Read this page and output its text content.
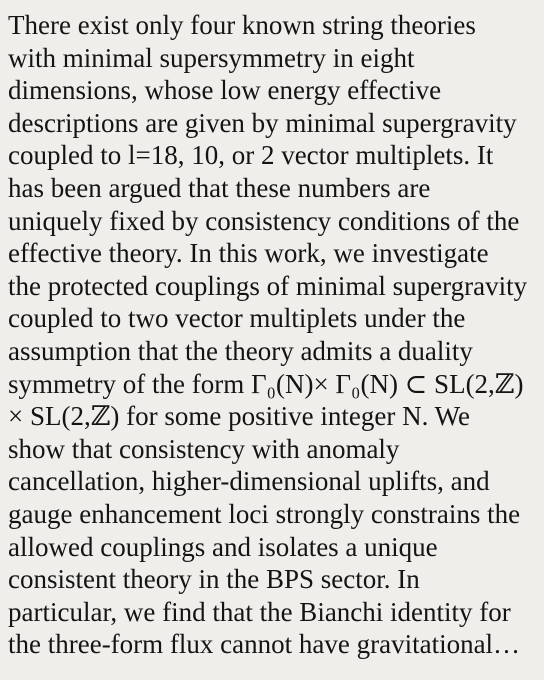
There exist only four known string theories
with minimal supersymmetry in eight
dimensions, whose low energy effective
descriptions are given by minimal supergravity
coupled to l=18, 10, or 2 vector multiplets. It
has been argued that these numbers are
uniquely fixed by consistency conditions of the
effective theory. In this work, we investigate
the protected couplings of minimal supergravity
coupled to two vector multiplets under the
assumption that the theory admits a duality
symmetry of the form Γ₀(N)× Γ₀(N) ⊂ SL(2,ℤ)
× SL(2,ℤ) for some positive integer N. We
show that consistency with anomaly
cancellation, higher-dimensional uplifts, and
gauge enhancement loci strongly constrains the
allowed couplings and isolates a unique
consistent theory in the BPS sector. In
particular, we find that the Bianchi identity for
the three-form flux cannot have gravitational…
